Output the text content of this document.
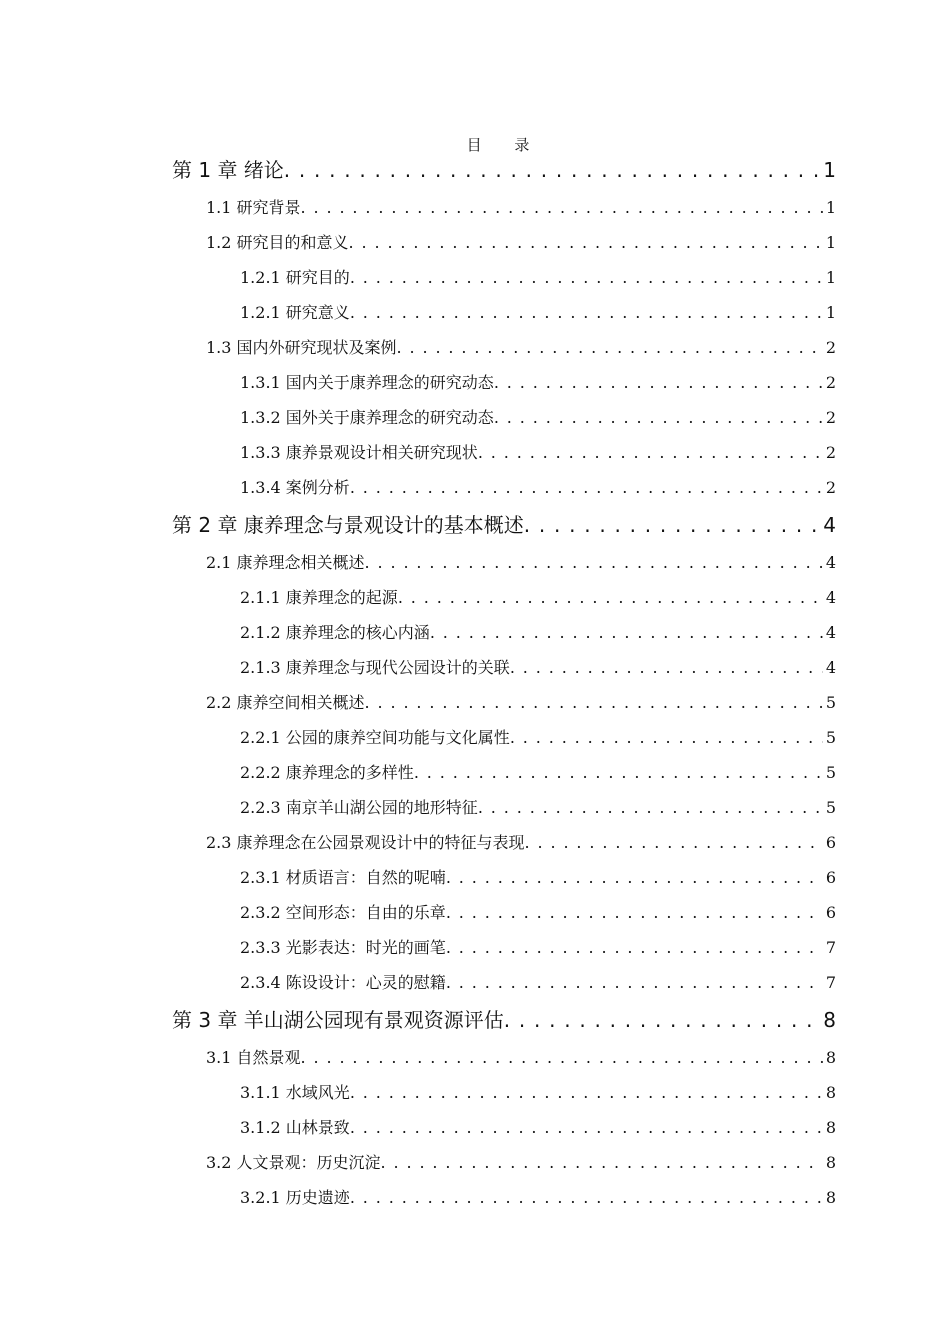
目 录
第 1 章 绪论 . . .	1
1.1 研究背景 . . .	1
1.2 研究目的和意义 . . .	1
1.2.1 研究目的 . . .	1
1.2.1 研究意义 . . .	1
1.3 国内外研究现状及案例 . . .	2
1.3.1 国内关于康养理念的研究动态 . . .	2
1.3.2 国外关于康养理念的研究动态 . . .	2
1.3.3 康养景观设计相关研究现状 . . .	2
1.3.4 案例分析 . . .	2
第 2 章 康养理念与景观设计的基本概述 . . .	4
2.1 康养理念相关概述 . . .	4
2.1.1 康养理念的起源 . . .	4
2.1.2 康养理念的核心内涵 . . .	4
2.1.3 康养理念与现代公园设计的关联 . . .	4
2.2 康养空间相关概述 . . .	5
2.2.1 公园的康养空间功能与文化属性 . . .	5
2.2.2 康养理念的多样性 . . .	5
2.2.3 南京羊山湖公园的地形特征 . . .	5
2.3 康养理念在公园景观设计中的特征与表现 . . .	6
2.3.1 材质语言：自然的呢喃 . . .	6
2.3.2 空间形态：自由的乐章 . . .	6
2.3.3 光影表达：时光的画笔 . . .	7
2.3.4 陈设设计：心灵的慰籍 . . .	7
第 3 章 羊山湖公园现有景观资源评估 . . .	8
3.1 自然景观 . . .	8
3.1.1 水域风光 . . .	8
3.1.2 山林景致 . . .	8
3.2 人文景观：历史沉淀 . . .	8
3.2.1 历史遗迹 . . .	8
